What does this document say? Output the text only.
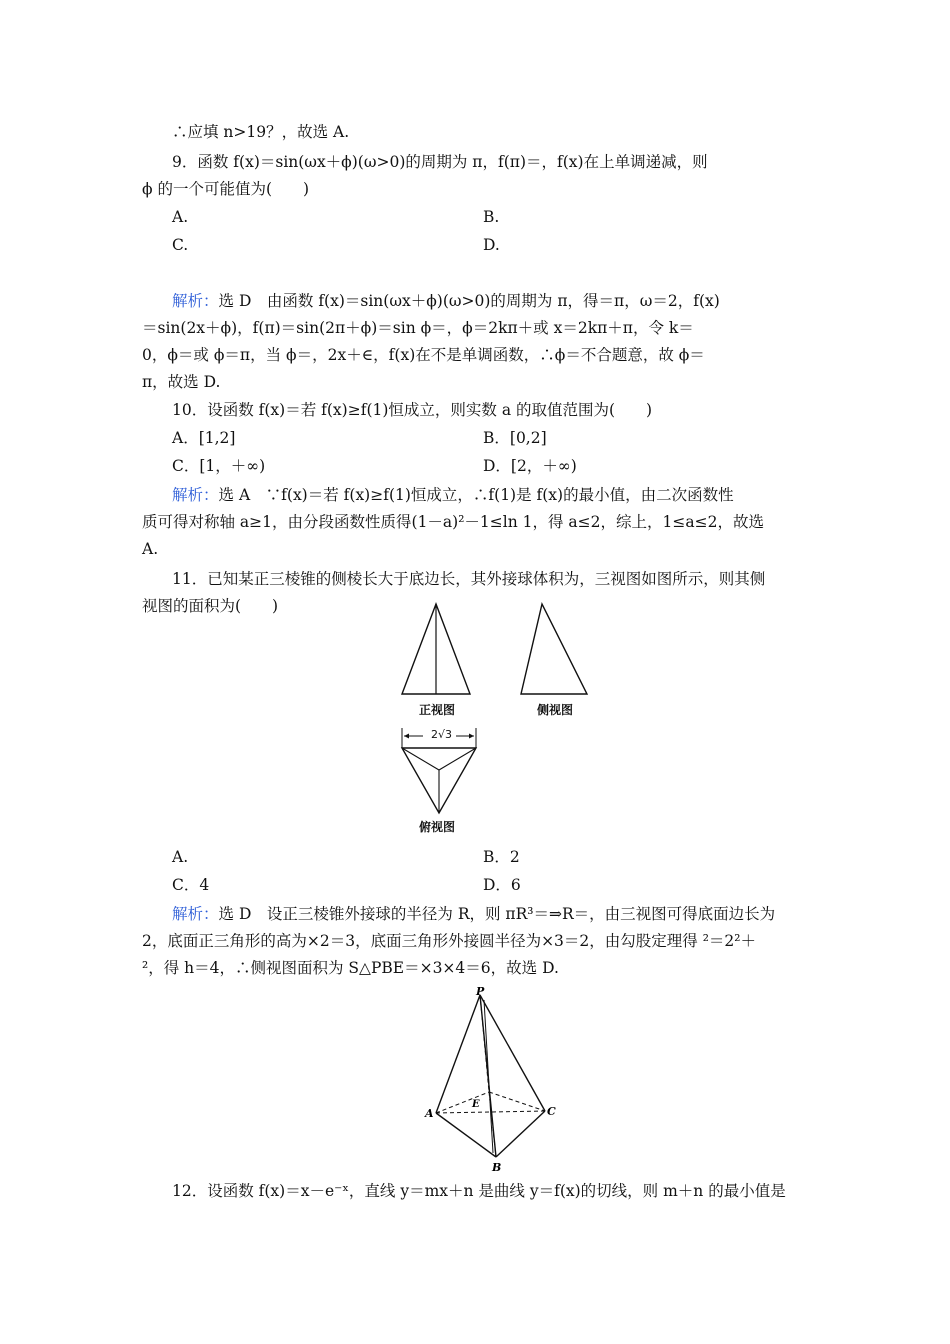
∴应填 n>19？，故选 A.
9．函数 f(x)＝sin(ωx＋ϕ)(ω>0)的周期为 π，f(π)＝，f(x)在上单调递减，则
ϕ 的一个可能值为(　　)
A.	B.
C.	D.
解析：选 D　 由函数 f(x)＝sin(ωx＋ϕ)(ω>0)的周期为 π，得＝π，ω＝2，f(x)
＝sin(2x＋ϕ)，f(π)＝sin(2π＋ϕ)＝sin ϕ＝，ϕ＝2kπ＋或 x＝2kπ＋π，令 k＝
0，ϕ＝或 ϕ＝π，当 ϕ＝，2x＋∈，f(x)在不是单调函数，∴ϕ＝不合题意，故 ϕ＝
π，故选 D.
10．设函数 f(x)＝若 f(x)≥f(1)恒成立，则实数 a 的取值范围为(　　)
A．[1,2]	B．[0,2]
C．[1，＋∞)	D．[2，＋∞)
解析：选 A　 ∵f(x)＝若 f(x)≥f(1)恒成立，∴f(1)是 f(x)的最小值，由二次函数性
质可得对称轴 a≥1，由分段函数性质得(1－a)²－1≤ln 1，得 a≤2，综上，1≤a≤2，故选
A.
11．已知某正三棱锥的侧棱长大于底边长，其外接球体积为，三视图如图所示，则其侧
视图的面积为(　　)
2√3
正视图	侧视图
俯视图
A.	B．2
C．4	D．6
解析：选 D　 设正三棱锥外接球的半径为 R，则 πR³＝⇒R＝，由三视图可得底面边长为
2，底面正三角形的高为×2＝3，底面三角形外接圆半径为×3＝2，由勾股定理得 ²＝2²＋
²，得 h＝4，∴侧视图面积为 S△PBE＝×3×4＝6，故选 D.
P
A
B
C
E
12．设函数 f(x)＝x－e⁻ˣ，直线 y＝mx＋n 是曲线 y＝f(x)的切线，则 m＋n 的最小值是
